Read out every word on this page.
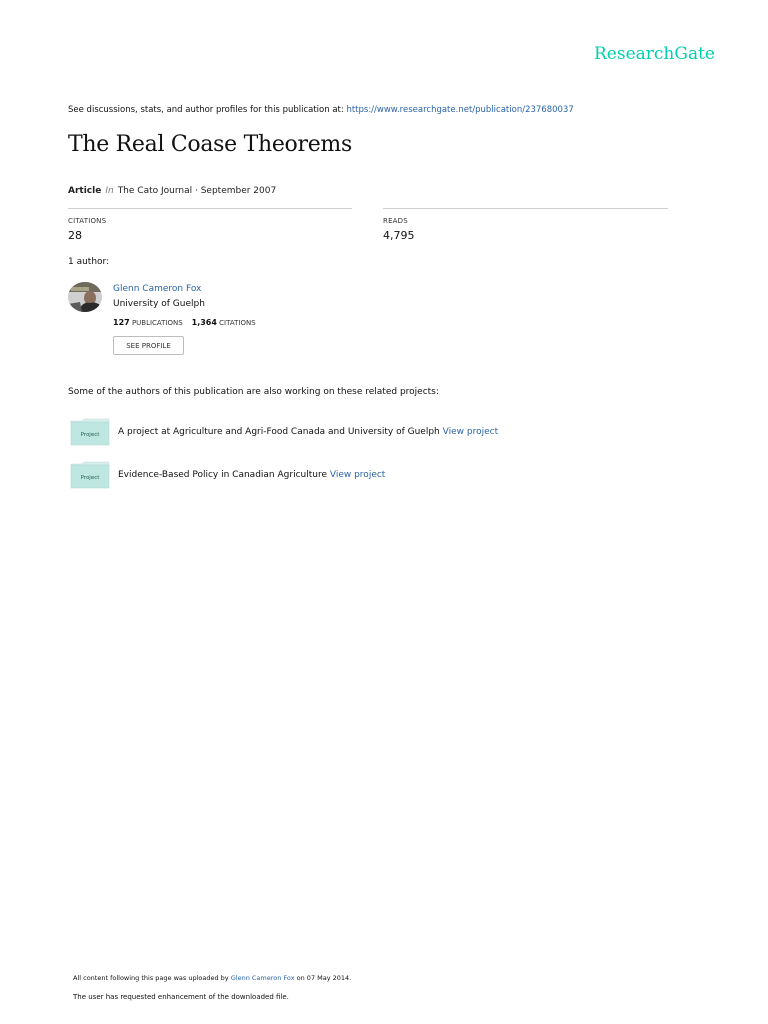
ResearchGate
See discussions, stats, and author profiles for this publication at: https://www.researchgate.net/publication/237680037
The Real Coase Theorems
Article In The Cato Journal · September 2007
CITATIONS
28
READS
4,795
1 author:
Glenn Cameron Fox
University of Guelph
127 PUBLICATIONS 1,364 CITATIONS
SEE PROFILE
Some of the authors of this publication are also working on these related projects:
Project A project at Agriculture and Agri-Food Canada and University of Guelph View project
Project Evidence-Based Policy in Canadian Agriculture View project
All content following this page was uploaded by Glenn Cameron Fox on 07 May 2014.
The user has requested enhancement of the downloaded file.
